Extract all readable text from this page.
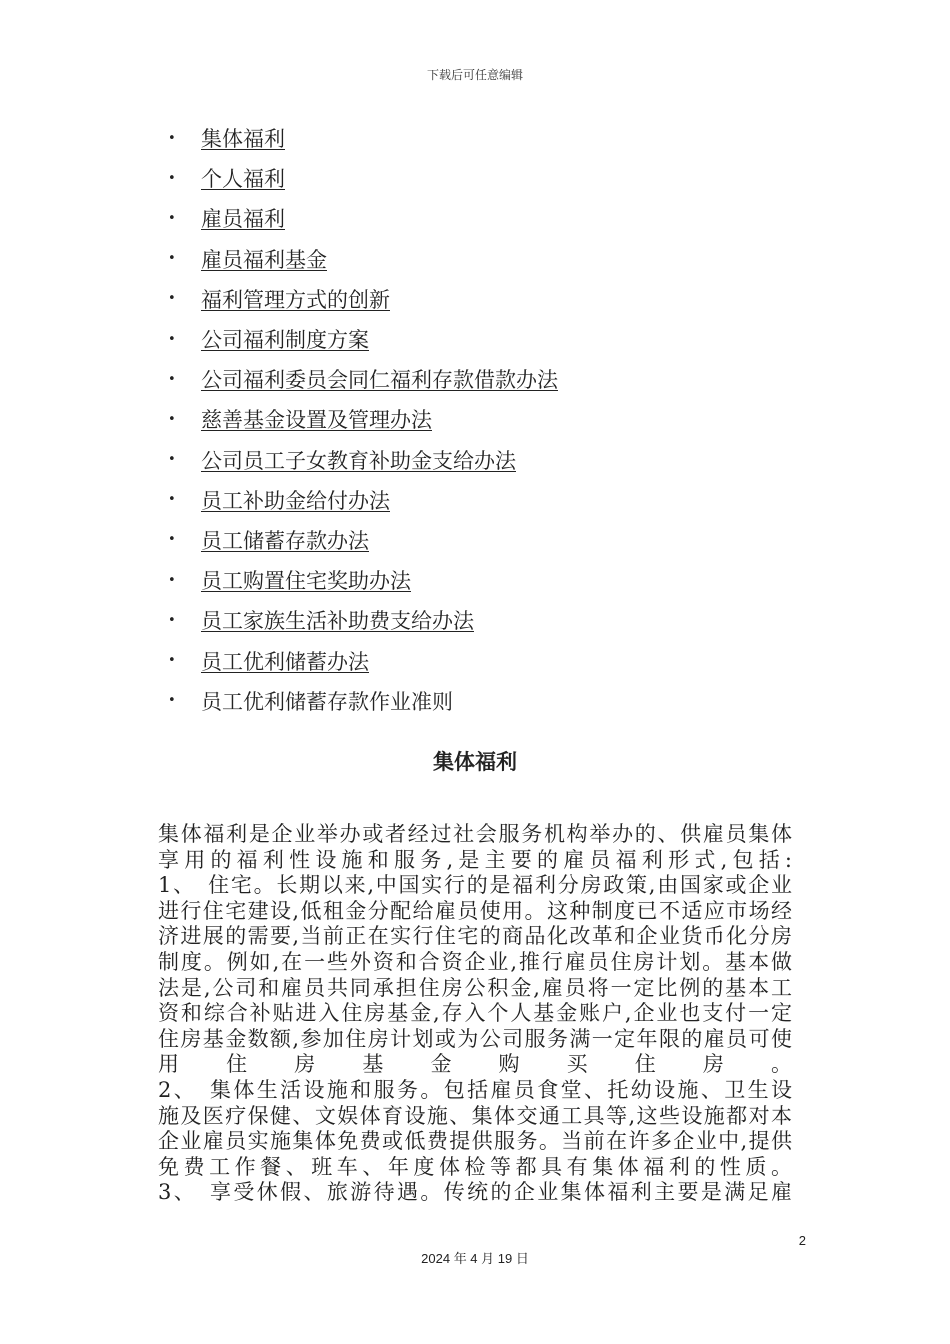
下载后可任意编辑
•	集体福利
•	个人福利
•	雇员福利
•	雇员福利基金
•	福利管理方式的创新
•	公司福利制度方案
•	公司福利委员会同仁福利存款借款办法
•	慈善基金设置及管理办法
•	公司员工子女教育补助金支给办法
•	员工补助金给付办法
•	员工储蓄存款办法
•	员工购置住宅奖助办法
•	员工家族生活补助费支给办法
•	员工优利储蓄办法
•	员工优利储蓄存款作业准则
集体福利
集体福利是企业举办或者经过社会服务机构举办的、供雇员集体
享用的福利性设施和服务,是主要的雇员福利形式,包括:
1、　住宅。长期以来,中国实行的是福利分房政策,由国家或企业
进行住宅建设,低租金分配给雇员使用。这种制度已不适应市场经
济进展的需要,当前正在实行住宅的商品化改革和企业货币化分房
制度。例如,在一些外资和合资企业,推行雇员住房计划。基本做
法是,公司和雇员共同承担住房公积金,雇员将一定比例的基本工
资和综合补贴进入住房基金,存入个人基金账户,企业也支付一定
住房基金数额,参加住房计划或为公司服务满一定年限的雇员可使
用住房基金购买住房。
2、　集体生活设施和服务。包括雇员食堂、托幼设施、卫生设
施及医疗保健、文娱体育设施、集体交通工具等,这些设施都对本
企业雇员实施集体免费或低费提供服务。当前在许多企业中,提供
免费工作餐、班车、年度体检等都具有集体福利的性质。
3、　享受休假、旅游待遇。传统的企业集体福利主要是满足雇
2
2024 年 4 月 19 日
